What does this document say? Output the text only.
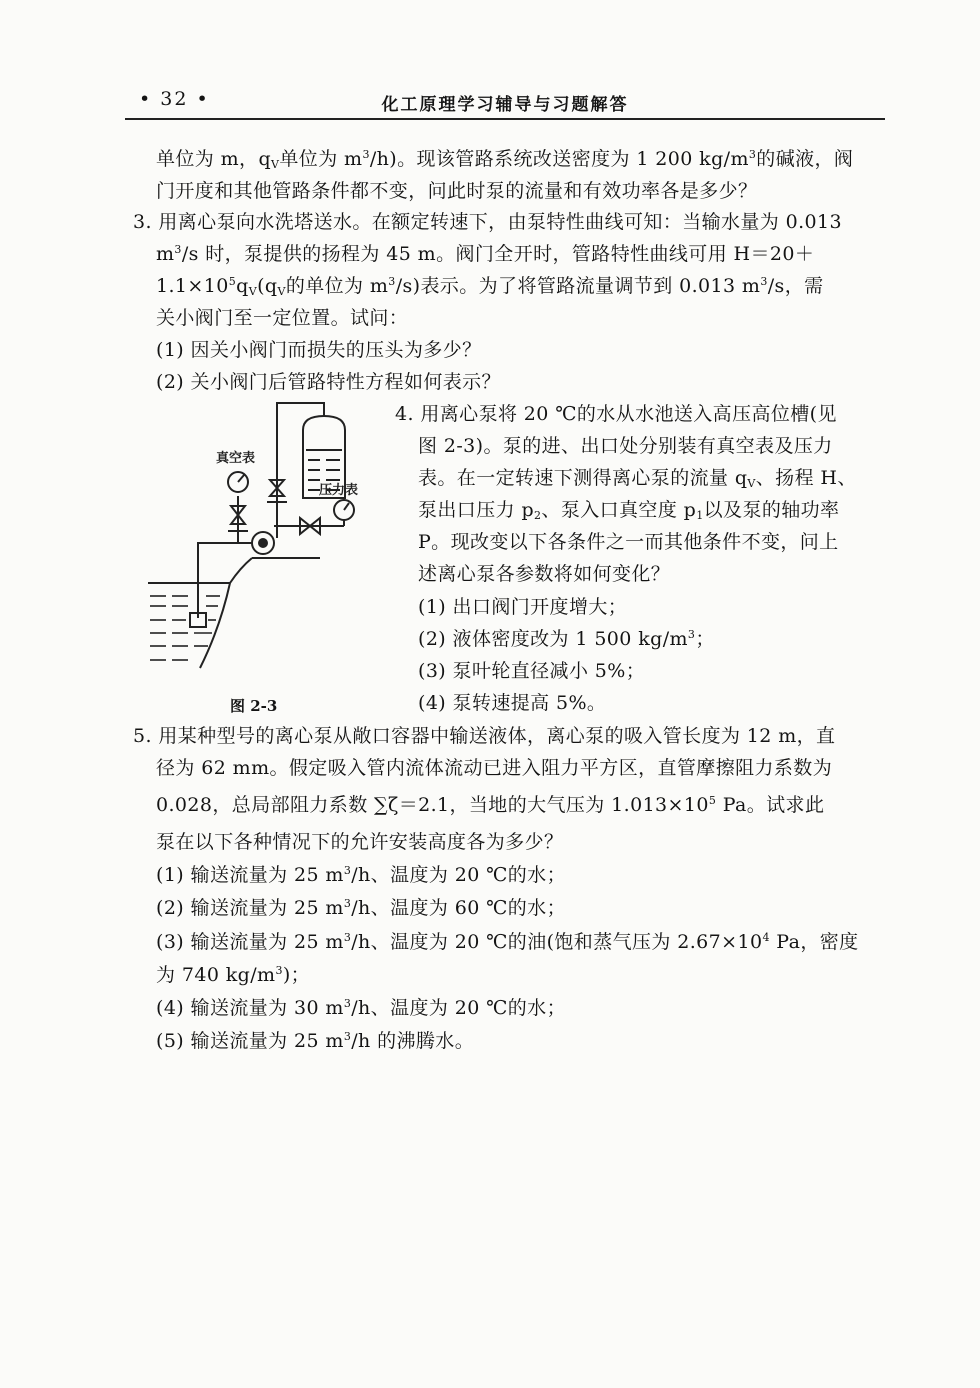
• 32 •	化工原理学习辅导与习题解答
单位为 m，$q_V$单位为 $m^3/h$)。现该管路系统改送密度为 1 200 $kg/m^3$的碱液，阀
门开度和其他管路条件都不变，问此时泵的流量和有效功率各是多少？
3. 用离心泵向水洗塔送水。在额定转速下，由泵特性曲线可知：当输水量为 0.013
$m^3/s$ 时，泵提供的扬程为 45 m。阀门全开时，管路特性曲线可用 H＝20＋
$1.1\times 10^5q_V(q_V$的单位为 $m^3/s$)表示。为了将管路流量调节到 0.013 $m^3/s$，需
关小阀门至一定位置。试问：
(1) 因关小阀门而损失的压头为多少？
(2) 关小阀门后管路特性方程如何表示？
真空表
压力表
图 2-3
4. 用离心泵将 20 ℃的水从水池送入高压高位槽(见
图 2-3)。泵的进、出口处分别装有真空表及压力
表。在一定转速下测得离心泵的流量 $q_V$、扬程 H、
泵出口压力 $p_2$、泵入口真空度 $p_1$以及泵的轴功率
P。现改变以下各条件之一而其他条件不变，问上
述离心泵各参数将如何变化？
(1) 出口阀门开度增大；
(2) 液体密度改为 1 500 $kg/m^3$；
(3) 泵叶轮直径减小 5%；
(4) 泵转速提高 5%。
5. 用某种型号的离心泵从敞口容器中输送液体，离心泵的吸入管长度为 12 m，直
径为 62 mm。假定吸入管内流体流动已进入阻力平方区，直管摩擦阻力系数为
0.028，总局部阻力系数 ∑ζ＝2.1，当地的大气压为 $1.013\times 10^5$ Pa。试求此
泵在以下各种情况下的允许安装高度各为多少？
(1) 输送流量为 25 $m^3/h$、温度为 20 ℃的水；
(2) 输送流量为 25 $m^3/h$、温度为 60 ℃的水；
(3) 输送流量为 25 $m^3/h$、温度为 20 ℃的油(饱和蒸气压为 $2.67\times 10^4$ Pa，密度
为 740 $kg/m^3$)；
(4) 输送流量为 30 $m^3/h$、温度为 20 ℃的水；
(5) 输送流量为 25 $m^3/h$ 的沸腾水。
